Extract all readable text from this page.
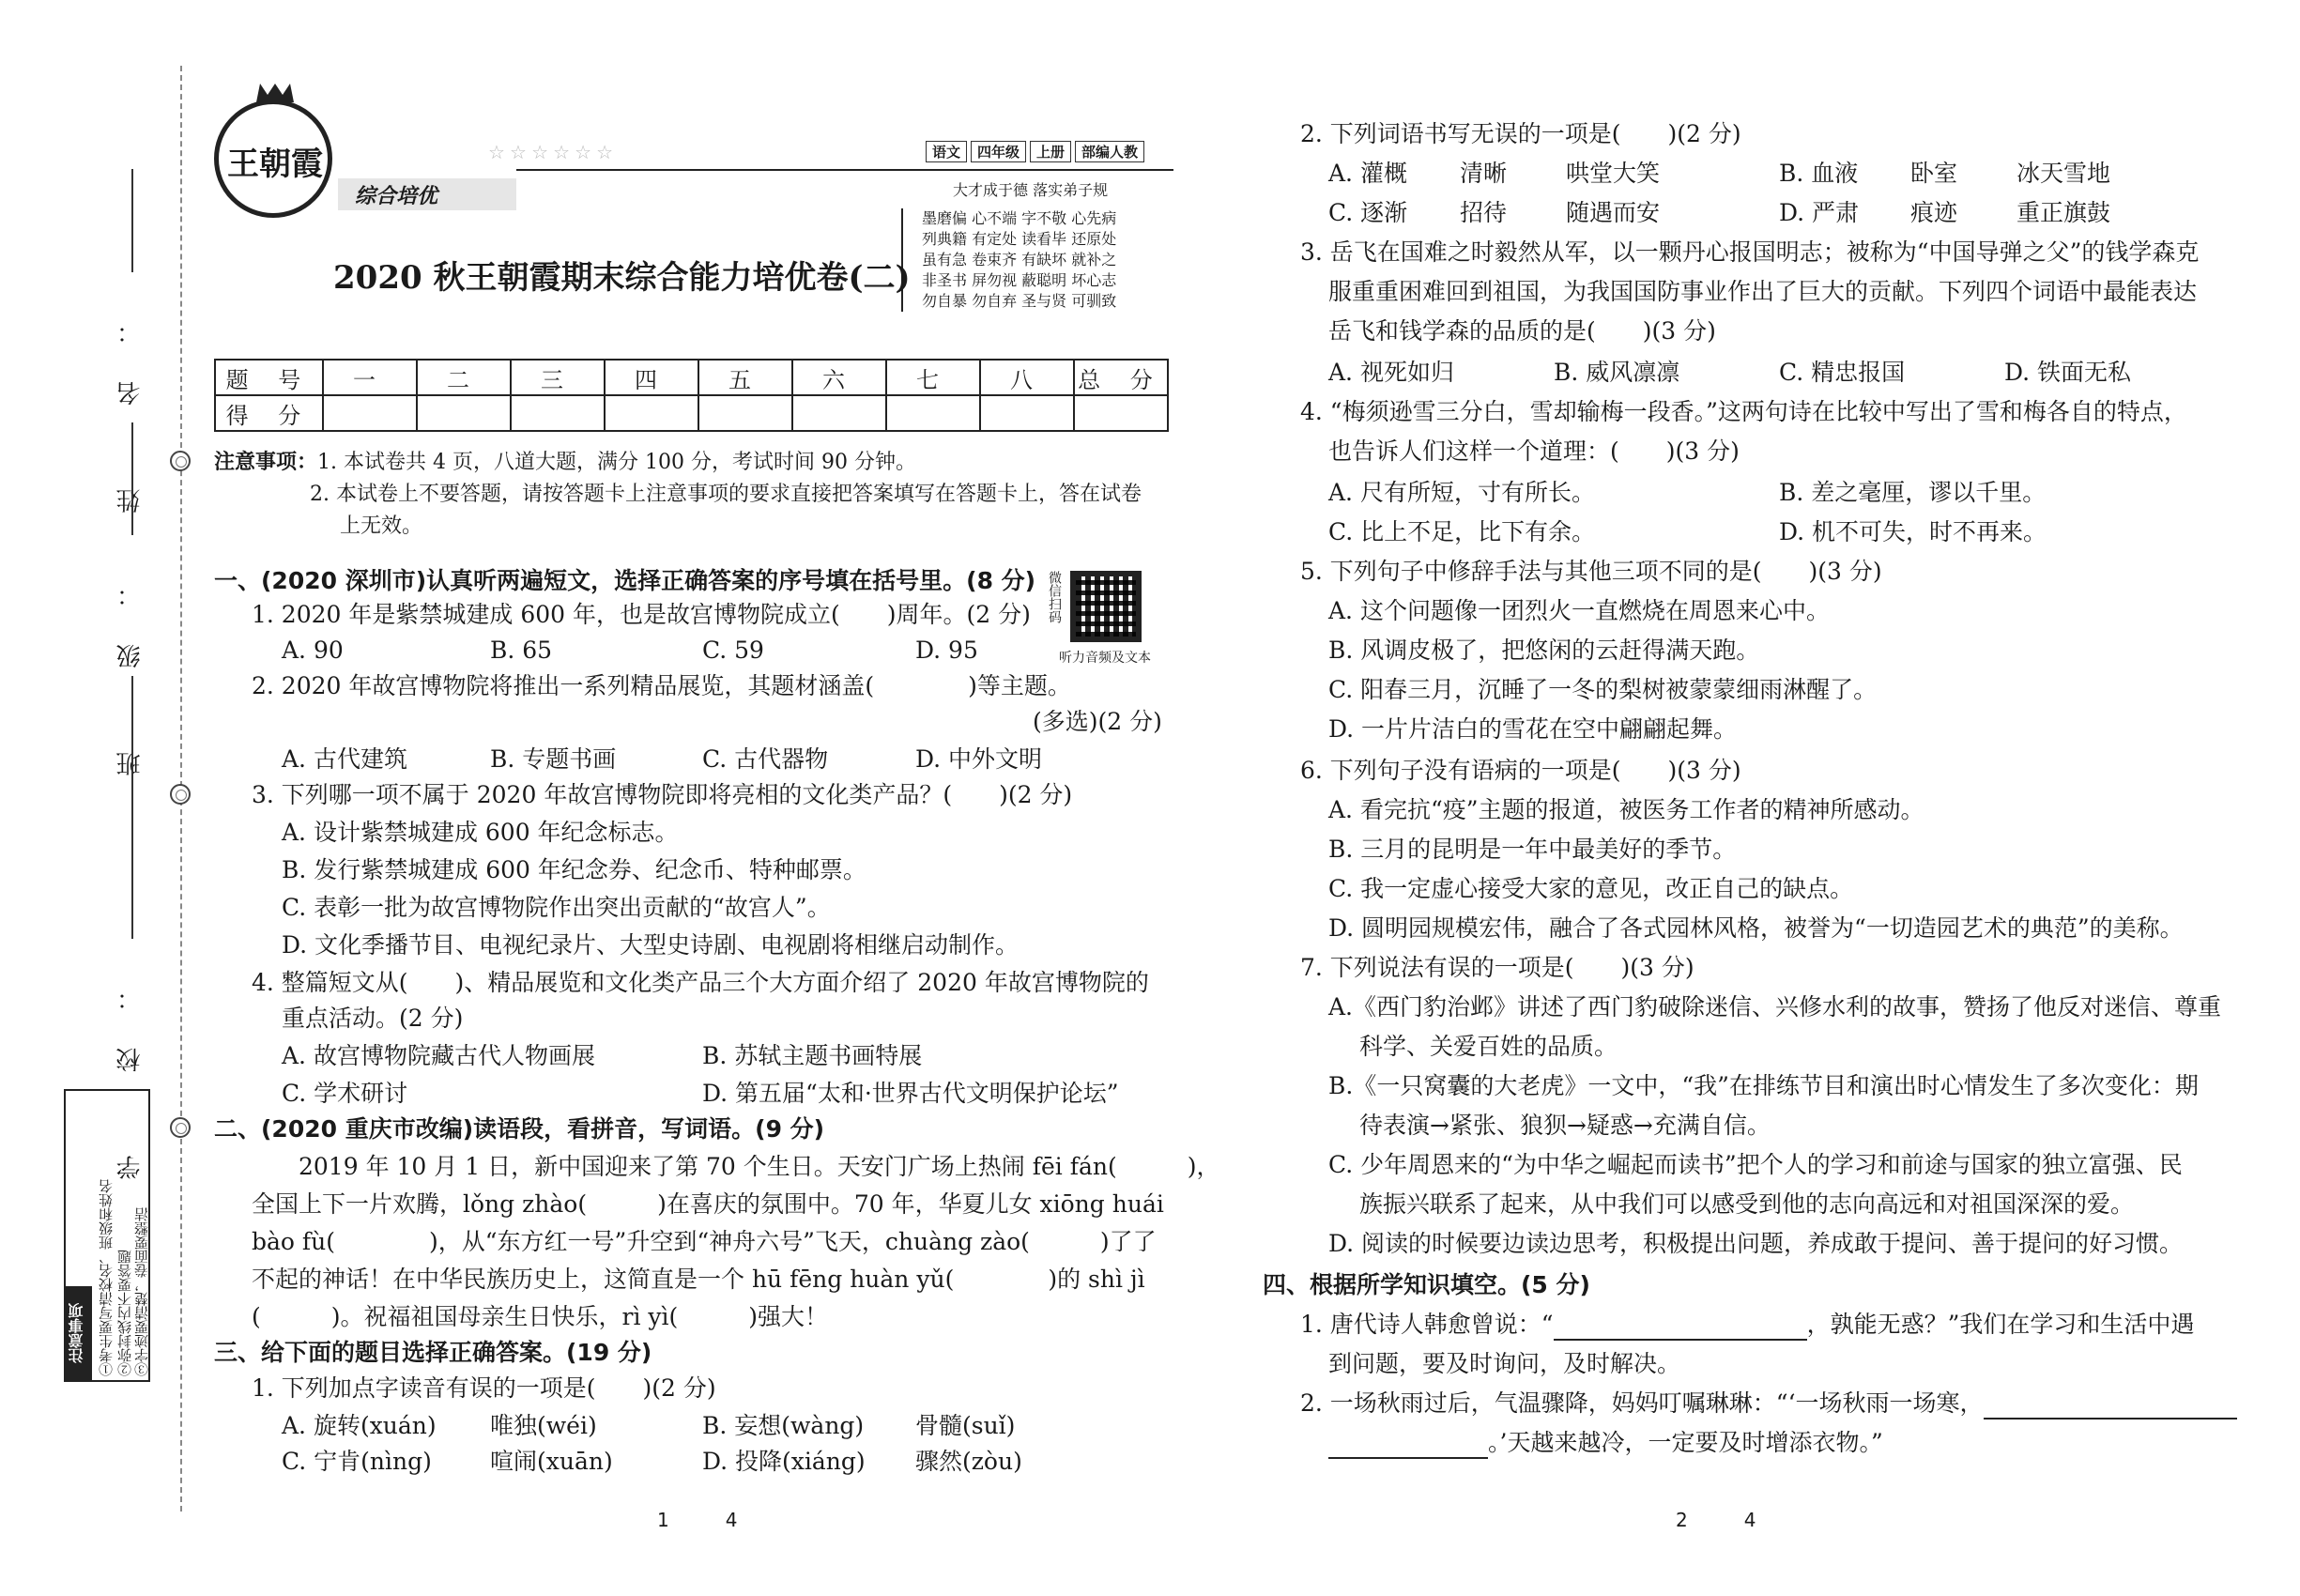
姓 名：
班 级：
学 校：
注意事项 ①考生要写清校名、班级和姓名 ②弥封线内不要答题 ③字迹要清楚，卷面要整洁
王朝霞
综合培优
☆ ☆ ☆ ☆ ☆ ☆	语文 四年级 上册 部编人教
大才成于德 落实弟子规
墨磨偏 心不端 字不敬 心先病
列典籍 有定处 读看毕 还原处
虽有急 卷束齐 有缺坏 就补之
非圣书 屏勿视 蔽聪明 坏心志
勿自暴 勿自弃 圣与贤 可驯致
2020 秋王朝霞期末综合能力培优卷(二)
题 号	一	二	三	四	五	六	七	八	总 分
得 分									
注意事项：1. 本试卷共 4 页，八道大题，满分 100 分，考试时间 90 分钟。
2. 本试卷上不要答题，请按答题卡上注意事项的要求直接把答案填写在答题卡上，答在试卷
上无效。
一、(2020 深圳市)认真听两遍短文，选择正确答案的序号填在括号里。(8 分) 微信扫码
听力音频及文本
1. 2020 年是紫禁城建成 600 年，也是故宫博物院成立(　　)周年。(2 分)
A. 90	B. 65	C. 59	D. 95
2. 2020 年故宫博物院将推出一系列精品展览，其题材涵盖(　　　　)等主题。
(多选)(2 分)
A. 古代建筑	B. 专题书画	C. 古代器物	D. 中外文明
3. 下列哪一项不属于 2020 年故宫博物院即将亮相的文化类产品？(　　)(2 分)
A. 设计紫禁城建成 600 年纪念标志。
B. 发行紫禁城建成 600 年纪念券、纪念币、特种邮票。
C. 表彰一批为故宫博物院作出突出贡献的“故宫人”。
D. 文化季播节目、电视纪录片、大型史诗剧、电视剧将相继启动制作。
4. 整篇短文从(　　)、精品展览和文化类产品三个大方面介绍了 2020 年故宫博物院的
重点活动。(2 分)
A. 故宫博物院藏古代人物画展	B. 苏轼主题书画特展
C. 学术研讨	D. 第五届“太和·世界古代文明保护论坛”
二、(2020 重庆市改编)读语段，看拼音，写词语。(9 分)
2019 年 10 月 1 日，新中国迎来了第 70 个生日。天安门广场上热闹 fēi fán(　　　)，
全国上下一片欢腾，lǒng zhào(　　　)在喜庆的氛围中。70 年，华夏儿女 xiōng huái
bào fù(　　　　)，从“东方红一号”升空到“神舟六号”飞天，chuàng zào(　　　)了了
不起的神话！在中华民族历史上，这简直是一个 hū fēng huàn yǔ(　　　　)的 shì jì
(　　　)。祝福祖国母亲生日快乐，rì yì(　　　)强大！
三、给下面的题目选择正确答案。(19 分)
1. 下列加点字读音有误的一项是(　　)(2 分)
A. 旋转(xuán) 唯独(wéi)	B. 妄想(wàng) 骨髓(suǐ)
C. 宁肯(nìng) 喧闹(xuān)	D. 投降(xiáng) 骤然(zòu)
1　　　4
2. 下列词语书写无误的一项是(　　)(2 分)
A. 灌概 清晰	哄堂大笑	B. 血液 卧室	冰天雪地
C. 逐渐 招待	随遇而安	D. 严肃 痕迹	重正旗鼓
3. 岳飞在国难之时毅然从军，以一颗丹心报国明志；被称为“中国导弹之父”的钱学森克
服重重困难回到祖国，为我国国防事业作出了巨大的贡献。下列四个词语中最能表达
岳飞和钱学森的品质的是(　　)(3 分)
A. 视死如归	B. 威风凛凛	C. 精忠报国	D. 铁面无私
4. “梅须逊雪三分白，雪却输梅一段香。”这两句诗在比较中写出了雪和梅各自的特点，
也告诉人们这样一个道理：(　　)(3 分)
A. 尺有所短，寸有所长。	B. 差之毫厘，谬以千里。
C. 比上不足，比下有余。	D. 机不可失，时不再来。
5. 下列句子中修辞手法与其他三项不同的是(　　)(3 分)
A. 这个问题像一团烈火一直燃烧在周恩来心中。
B. 风调皮极了，把悠闲的云赶得满天跑。
C. 阳春三月，沉睡了一冬的梨树被蒙蒙细雨淋醒了。
D. 一片片洁白的雪花在空中翩翩起舞。
6. 下列句子没有语病的一项是(　　)(3 分)
A. 看完抗“疫”主题的报道，被医务工作者的精神所感动。
B. 三月的昆明是一年中最美好的季节。
C. 我一定虚心接受大家的意见，改正自己的缺点。
D. 圆明园规模宏伟，融合了各式园林风格，被誉为“一切造园艺术的典范”的美称。
7. 下列说法有误的一项是(　　)(3 分)
A.《西门豹治邺》讲述了西门豹破除迷信、兴修水利的故事，赞扬了他反对迷信、尊重
科学、关爱百姓的品质。
B.《一只窝囊的大老虎》一文中，“我”在排练节目和演出时心情发生了多次变化：期
待表演→紧张、狼狈→疑惑→充满自信。
C. 少年周恩来的“为中华之崛起而读书”把个人的学习和前途与国家的独立富强、民
族振兴联系了起来，从中我们可以感受到他的志向高远和对祖国深深的爱。
D. 阅读的时候要边读边思考，积极提出问题，养成敢于提问、善于提问的好习惯。
四、根据所学知识填空。(5 分)
1. 唐代诗人韩愈曾说：“	，孰能无惑？”我们在学习和生活中遇
到问题，要及时询问，及时解决。
2. 一场秋雨过后，气温骤降，妈妈叮嘱琳琳：“‘一场秋雨一场寒，
。’天越来越冷，一定要及时增添衣物。”
2　　　4
